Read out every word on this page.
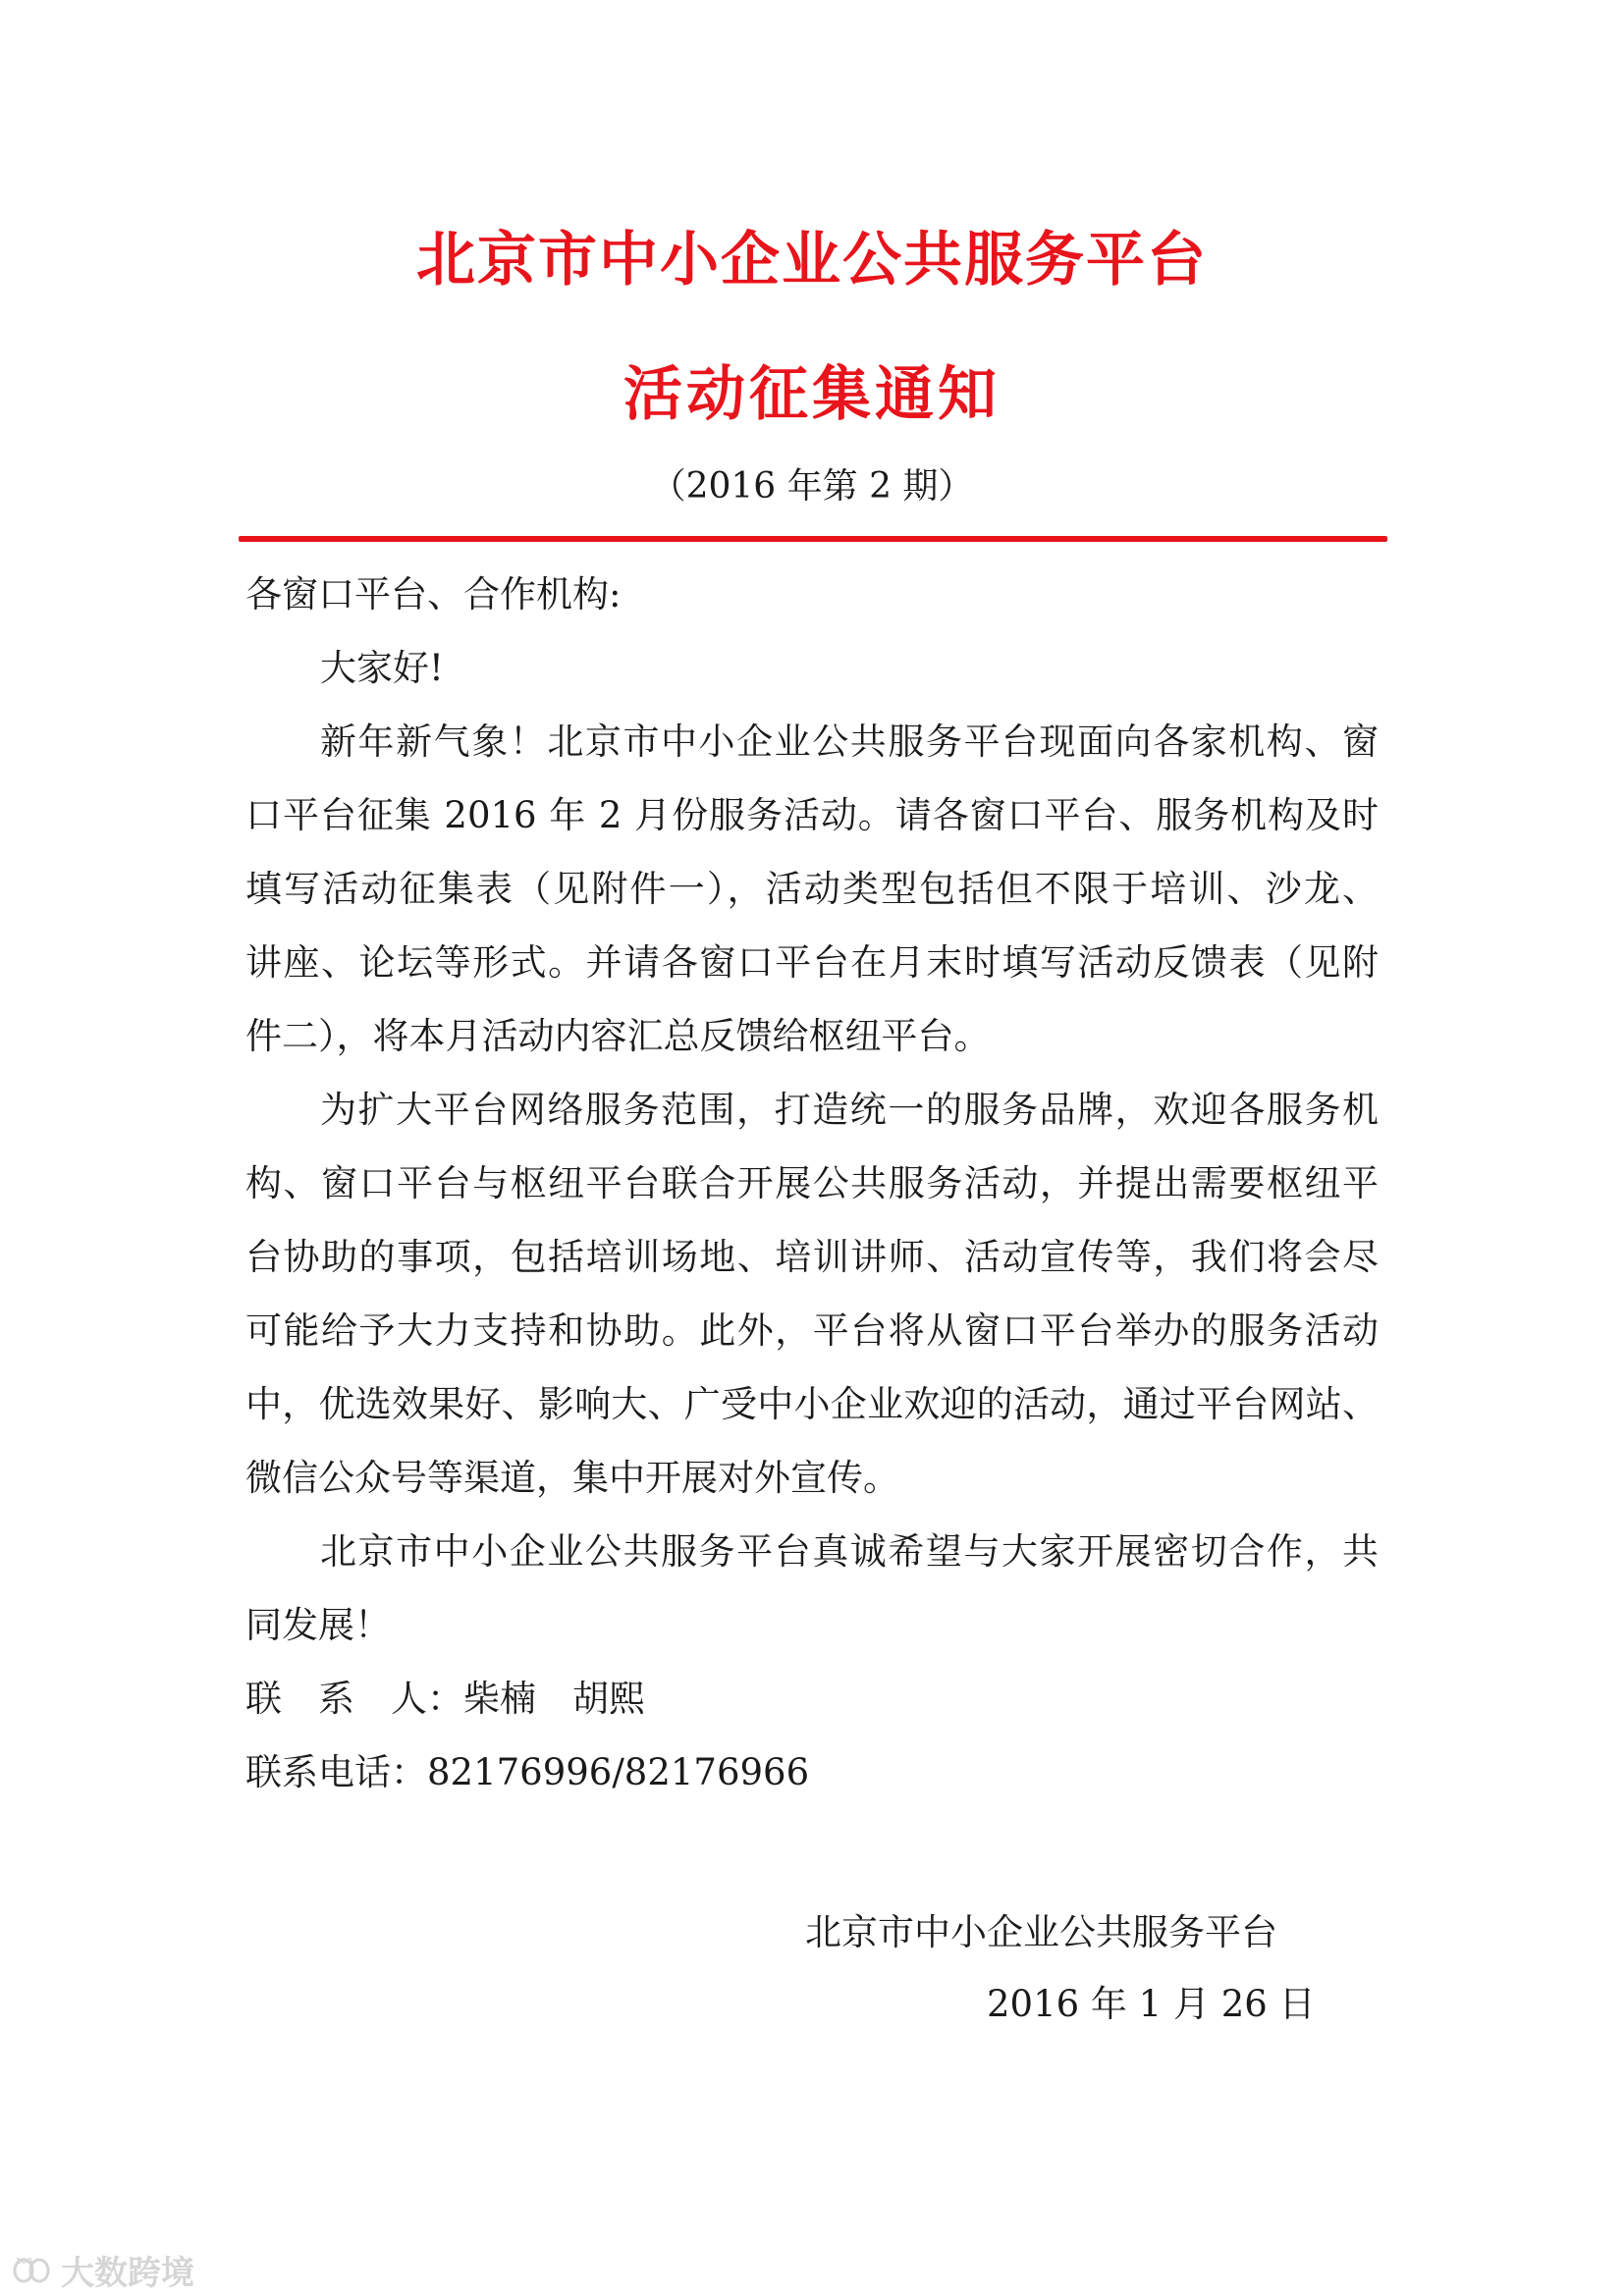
北京市中小企业公共服务平台
活动征集通知
（2016 年第 2 期）
各窗口平台、合作机构:
大家好!
新年新气象！北京市中小企业公共服务平台现面向各家机构、窗
口平台征集 2016 年 2 月份服务活动。请各窗口平台、服务机构及时
填写活动征集表（见附件一），活动类型包括但不限于培训、沙龙、
讲座、论坛等形式。并请各窗口平台在月末时填写活动反馈表（见附
件二），将本月活动内容汇总反馈给枢纽平台。
为扩大平台网络服务范围，打造统一的服务品牌，欢迎各服务机
构、窗口平台与枢纽平台联合开展公共服务活动，并提出需要枢纽平
台协助的事项，包括培训场地、培训讲师、活动宣传等，我们将会尽
可能给予大力支持和协助。此外，平台将从窗口平台举办的服务活动
中，优选效果好、影响大、广受中小企业欢迎的活动，通过平台网站、
微信公众号等渠道，集中开展对外宣传。
北京市中小企业公共服务平台真诚希望与大家开展密切合作，共
同发展！
联　系　人：柴楠　胡熙
联系电话：82176996/82176966
北京市中小企业公共服务平台
2016 年 1 月 26 日
100 大数跨境
